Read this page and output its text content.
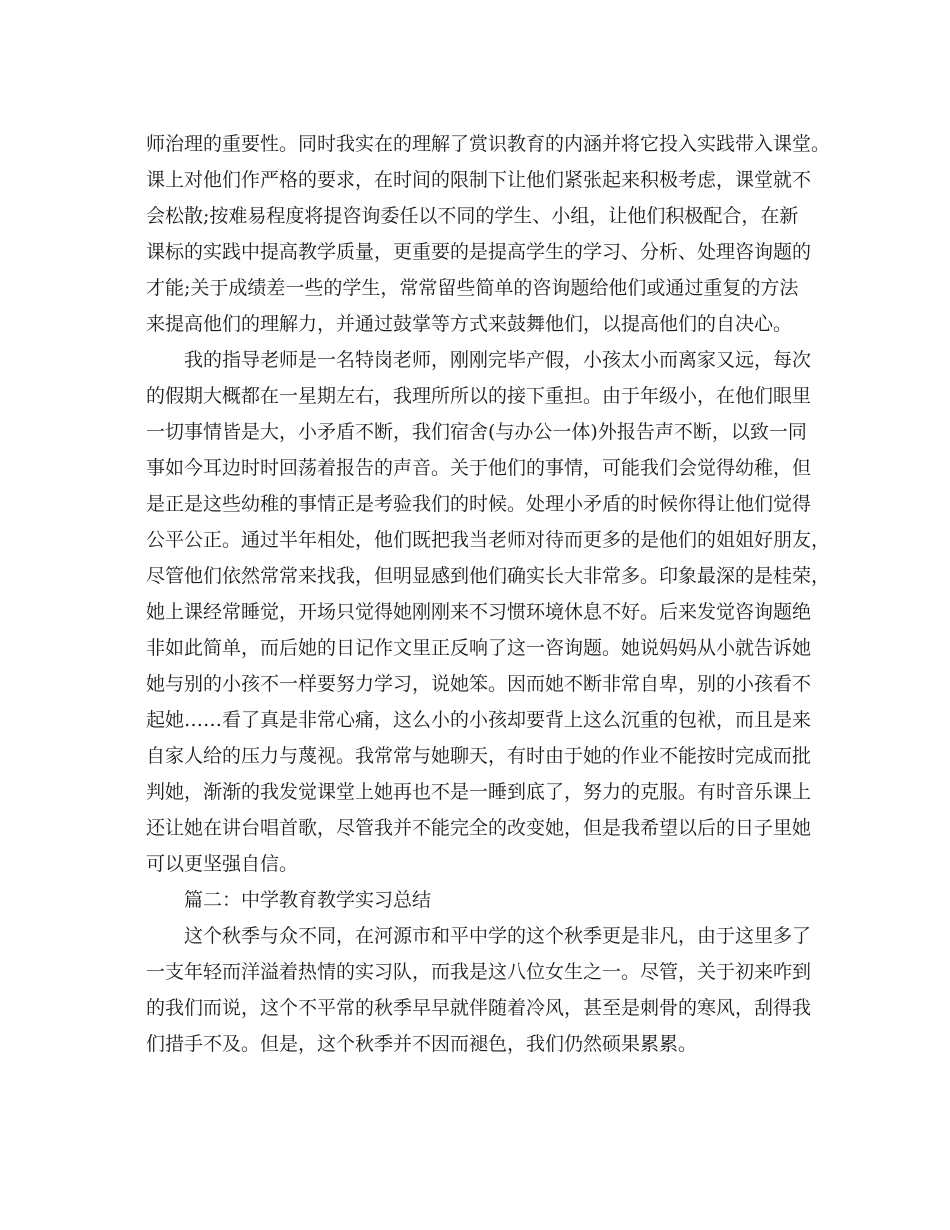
师治理的重要性。同时我实在的理解了赏识教育的内涵并将它投入实践带入课堂。
课上对他们作严格的要求，在时间的限制下让他们紧张起来积极考虑，课堂就不
会松散;按难易程度将提咨询委任以不同的学生、小组，让他们积极配合，在新
课标的实践中提高教学质量，更重要的是提高学生的学习、分析、处理咨询题的
才能;关于成绩差一些的学生，常常留些简单的咨询题给他们或通过重复的方法
来提高他们的理解力，并通过鼓掌等方式来鼓舞他们，以提高他们的自决心。
我的指导老师是一名特岗老师，刚刚完毕产假，小孩太小而离家又远，每次
的假期大概都在一星期左右，我理所所以的接下重担。由于年级小，在他们眼里
一切事情皆是大，小矛盾不断，我们宿舍(与办公一体)外报告声不断，以致一同
事如今耳边时时回荡着报告的声音。关于他们的事情，可能我们会觉得幼稚，但
是正是这些幼稚的事情正是考验我们的时候。处理小矛盾的时候你得让他们觉得
公平公正。通过半年相处，他们既把我当老师对待而更多的是他们的姐姐好朋友，
尽管他们依然常常来找我，但明显感到他们确实长大非常多。印象最深的是桂荣，
她上课经常睡觉，开场只觉得她刚刚来不习惯环境休息不好。后来发觉咨询题绝
非如此简单，而后她的日记作文里正反响了这一咨询题。她说妈妈从小就告诉她
她与别的小孩不一样要努力学习，说她笨。因而她不断非常自卑，别的小孩看不
起她……看了真是非常心痛，这么小的小孩却要背上这么沉重的包袱，而且是来
自家人给的压力与蔑视。我常常与她聊天，有时由于她的作业不能按时完成而批
判她，渐渐的我发觉课堂上她再也不是一睡到底了，努力的克服。有时音乐课上
还让她在讲台唱首歌，尽管我并不能完全的改变她，但是我希望以后的日子里她
可以更坚强自信。
篇二：中学教育教学实习总结
这个秋季与众不同，在河源市和平中学的这个秋季更是非凡，由于这里多了
一支年轻而洋溢着热情的实习队，而我是这八位女生之一。尽管，关于初来咋到
的我们而说，这个不平常的秋季早早就伴随着冷风，甚至是刺骨的寒风，刮得我
们措手不及。但是，这个秋季并不因而褪色，我们仍然硕果累累。
